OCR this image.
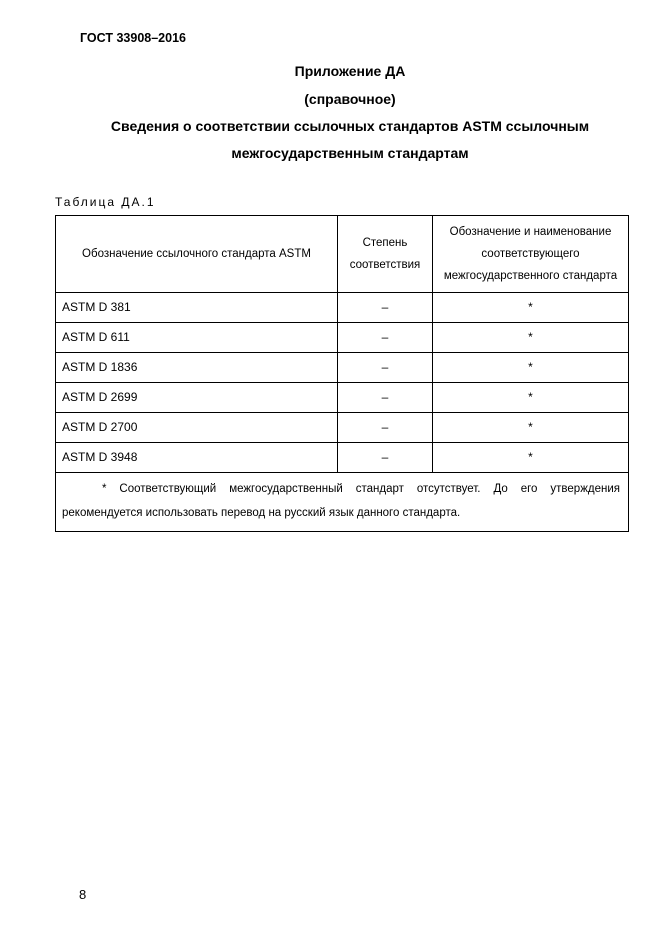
ГОСТ 33908–2016
Приложение ДА
(справочное)
Сведения о соответствии ссылочных стандартов ASTM ссылочным
межгосударственным стандартам
Таблица ДА.1
Обозначение ссылочного стандарта ASTM	Степень соответствия	Обозначение и наименование соответствующего межгосударственного стандарта
ASTM D 381	–	*
ASTM D 611	–	*
ASTM D 1836	–	*
ASTM D 2699	–	*
ASTM D 2700	–	*
ASTM D 3948	–	*

* Соответствующий межгосударственный стандарт отсутствует. До его утверждения рекомендуется использовать перевод на русский язык данного стандарта.		
8
